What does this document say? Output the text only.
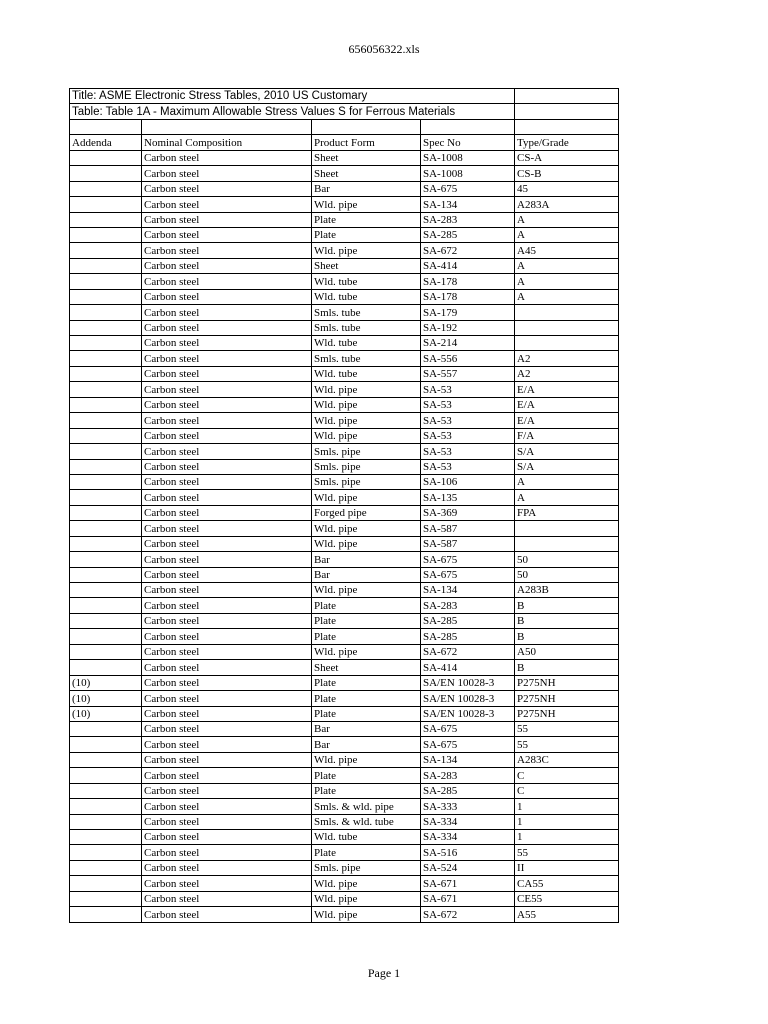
656056322.xls
Title: ASME Electronic Stress Tables, 2010 US Customary				
Table: Table 1A - Maximum Allowable Stress Values S for Ferrous Materials				

Addenda	Nominal Composition	Product Form	Spec No	Type/Grade
	Carbon steel	Sheet	SA-1008	CS-A
	Carbon steel	Sheet	SA-1008	CS-B
	Carbon steel	Bar	SA-675	45
	Carbon steel	Wld. pipe	SA-134	A283A
	Carbon steel	Plate	SA-283	A
	Carbon steel	Plate	SA-285	A
	Carbon steel	Wld. pipe	SA-672	A45
	Carbon steel	Sheet	SA-414	A
	Carbon steel	Wld. tube	SA-178	A
	Carbon steel	Wld. tube	SA-178	A
	Carbon steel	Smls. tube	SA-179	
	Carbon steel	Smls. tube	SA-192	
	Carbon steel	Wld. tube	SA-214	
	Carbon steel	Smls. tube	SA-556	A2
	Carbon steel	Wld. tube	SA-557	A2
	Carbon steel	Wld. pipe	SA-53	E/A
	Carbon steel	Wld. pipe	SA-53	E/A
	Carbon steel	Wld. pipe	SA-53	E/A
	Carbon steel	Wld. pipe	SA-53	F/A
	Carbon steel	Smls. pipe	SA-53	S/A
	Carbon steel	Smls. pipe	SA-53	S/A
	Carbon steel	Smls. pipe	SA-106	A
	Carbon steel	Wld. pipe	SA-135	A
	Carbon steel	Forged pipe	SA-369	FPA
	Carbon steel	Wld. pipe	SA-587	
	Carbon steel	Wld. pipe	SA-587	
	Carbon steel	Bar	SA-675	50
	Carbon steel	Bar	SA-675	50
	Carbon steel	Wld. pipe	SA-134	A283B
	Carbon steel	Plate	SA-283	B
	Carbon steel	Plate	SA-285	B
	Carbon steel	Plate	SA-285	B
	Carbon steel	Wld. pipe	SA-672	A50
	Carbon steel	Sheet	SA-414	B
(10)	Carbon steel	Plate	SA/EN 10028-3	P275NH
(10)	Carbon steel	Plate	SA/EN 10028-3	P275NH
(10)	Carbon steel	Plate	SA/EN 10028-3	P275NH
	Carbon steel	Bar	SA-675	55
	Carbon steel	Bar	SA-675	55
	Carbon steel	Wld. pipe	SA-134	A283C
	Carbon steel	Plate	SA-283	C
	Carbon steel	Plate	SA-285	C
	Carbon steel	Smls. & wld. pipe	SA-333	1
	Carbon steel	Smls. & wld. tube	SA-334	1
	Carbon steel	Wld. tube	SA-334	1
	Carbon steel	Plate	SA-516	55
	Carbon steel	Smls. pipe	SA-524	II
	Carbon steel	Wld. pipe	SA-671	CA55
	Carbon steel	Wld. pipe	SA-671	CE55
	Carbon steel	Wld. pipe	SA-672	A55
Page 1
